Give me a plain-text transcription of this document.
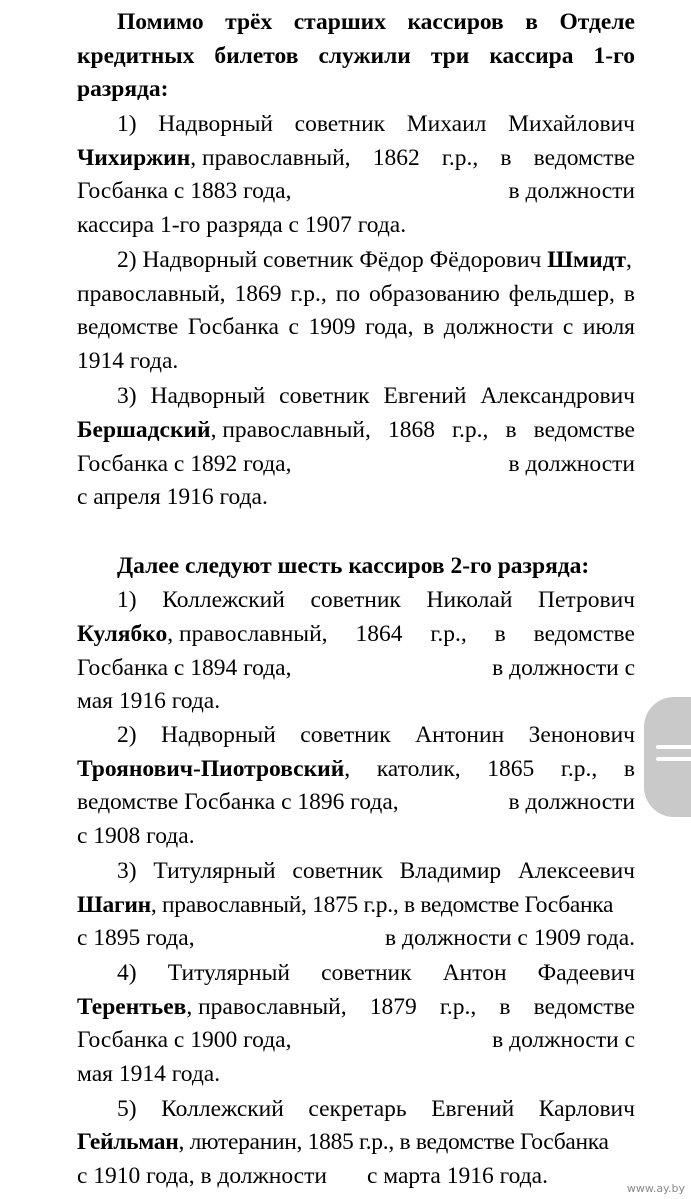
Помимо трёх старших кассиров в Отделе
кредитных билетов служили три кассира 1-го
разряда:
1) Надворный советник Михаил Михайлович
Чихиржин, православный, 1862 г.р., в ведомстве
Госбанка с 1883 года,	в должности
кассира 1-го разряда с 1907 года.
2) Надворный советник Фёдор Фёдорович Шмидт,
православный, 1869 г.р., по образованию фельдшер, в
ведомстве Госбанка с 1909 года, в должности с июля
1914 года.
3) Надворный советник Евгений Александрович
Бершадский, православный, 1868 г.р., в ведомстве
Госбанка с 1892 года,	в должности
с апреля 1916 года.
Далее следуют шесть кассиров 2-го разряда:
1) Коллежский советник Николай Петрович
Кулябко, православный, 1864 г.р., в ведомстве
Госбанка с 1894 года,	в должности с
мая 1916 года.
2) Надворный советник Антонин Зенонович
Троянович-Пиотровский, католик, 1865 г.р., в
ведомстве Госбанка с 1896 года,	в должности
с 1908 года.
3) Титулярный советник Владимир Алексеевич
Шагин, православный, 1875 г.р., в ведомстве Госбанка
с 1895 года,	в должности с 1909 года.
4) Титулярный советник Антон Фадеевич
Терентьев, православный, 1879 г.р., в ведомстве
Госбанка с 1900 года,	в должности с
мая 1914 года.
5) Коллежский секретарь Евгений Карлович
Гейльман, лютеранин, 1885 г.р., в ведомстве Госбанка
с 1910 года, в должности с марта 1916 года.	www.ay.by
